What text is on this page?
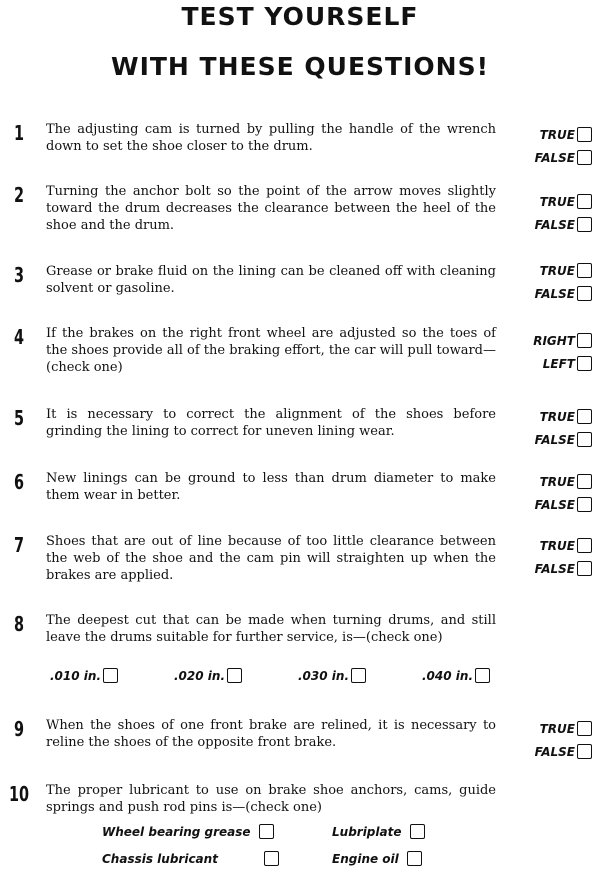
TEST YOURSELF
WITH THESE QUESTIONS!
1	The adjusting cam is turned by pulling the handle of the wrench down to set the shoe closer to the drum.
TRUE
FALSE
2	Turning the anchor bolt so the point of the arrow moves slightly toward the drum decreases the clearance between the heel of the shoe and the drum.
TRUE
FALSE
3	Grease or brake fluid on the lining can be cleaned off with cleaning solvent or gasoline.
TRUE
FALSE
4	If the brakes on the right front wheel are adjusted so the toes of the shoes provide all of the braking effort, the car will pull toward—(check one)
RIGHT
LEFT
5	It is necessary to correct the alignment of the shoes before grinding the lining to correct for uneven lining wear.
TRUE
FALSE
6	New linings can be ground to less than drum diameter to make them wear in better.
TRUE
FALSE
7	Shoes that are out of line because of too little clearance between the web of the shoe and the cam pin will straighten up when the brakes are applied.
TRUE
FALSE
8	The deepest cut that can be made when turning drums, and still leave the drums suitable for further service, is—(check one)
.010 in.	.020 in.	.030 in.	.040 in.
9	When the shoes of one front brake are relined, it is necessary to reline the shoes of the opposite front brake.
TRUE
FALSE
10 The proper lubricant to use on brake shoe anchors, cams, guide springs and push rod pins is—(check one)
Wheel bearing grease	Lubriplate
Chassis lubricant	Engine oil
